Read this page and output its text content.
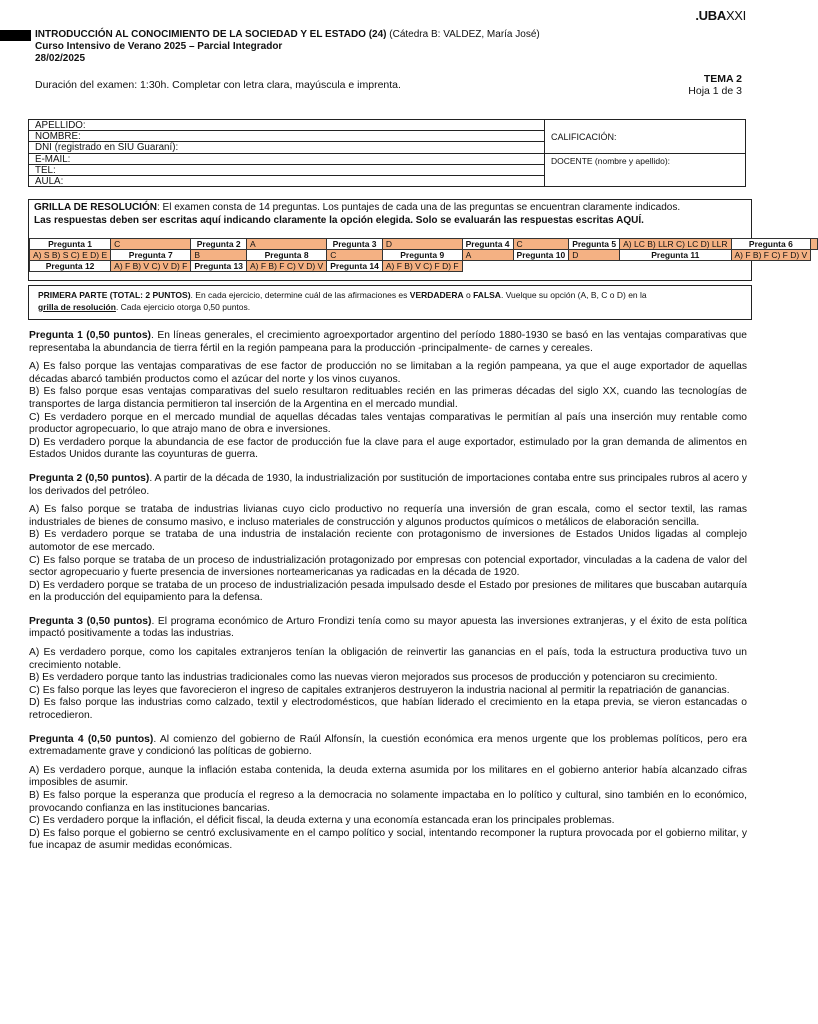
.UBAXXI
INTRODUCCIÓN AL CONOCIMIENTO DE LA SOCIEDAD Y EL ESTADO (24) (Cátedra B: VALDEZ, María José)
Curso Intensivo de Verano 2025 – Parcial Integrador
28/02/2025
Duración del examen: 1:30h. Completar con letra clara, mayúscula e imprenta.	TEMA 2
Hoja 1 de 3
APELLIDO:
NOMBRE:
DNI (registrado en SIU Guaraní):
E-MAIL:
TEL:
AULA:
CALIFICACIÓN:
DOCENTE (nombre y apellido):
GRILLA DE RESOLUCIÓN: El examen consta de 14 preguntas. Los puntajes de cada una de las preguntas se encuentran claramente indicados.
Las respuestas deben ser escritas aquí indicando claramente la opción elegida. Solo se evaluarán las respuestas escritas AQUÍ.
Pregunta 1	C	Pregunta 2	A	Pregunta 3	D	Pregunta 4	C	Pregunta 5	A) LC B) LLR C) LC D) LLR	Pregunta 6	
A) S B) S C) E D) E	Pregunta 7	B	Pregunta 8	C	Pregunta 9	A	Pregunta 10	D	Pregunta 11	A) F B) F C) F D) V	
Pregunta 12	A) F B) V C) V D) F	Pregunta 13	A) F B) F C) V D) V	Pregunta 14	A) F B) V C) F D) F						
PRIMERA PARTE (TOTAL: 2 PUNTOS). En cada ejercicio, determine cuál de las afirmaciones es VERDADERA o FALSA. Vuelque su opción (A, B, C o D) en la
grilla de resolución. Cada ejercicio otorga 0,50 puntos.

Pregunta 1 (0,50 puntos). En líneas generales, el crecimiento agroexportador argentino del período 1880-1930 se basó en las ventajas comparativas que representaba la abundancia de tierra fértil en la región pampeana para la producción -principalmente- de carnes y cereales.

A) Es falso porque las ventajas comparativas de ese factor de producción no se limitaban a la región pampeana, ya que el auge exportador de aquellas décadas abarcó también productos como el azúcar del norte y los vinos cuyanos.

B) Es falso porque esas ventajas comparativas del suelo resultaron redituables recién en las primeras décadas del siglo XX, cuando las tecnologías de transportes de larga distancia permitieron tal inserción de la Argentina en el mercado mundial.

C) Es verdadero porque en el mercado mundial de aquellas décadas tales ventajas comparativas le permitían al país una inserción muy rentable como productor agropecuario, lo que atrajo mano de obra e inversiones.

D) Es verdadero porque la abundancia de ese factor de producción fue la clave para el auge exportador, estimulado por la gran demanda de alimentos en Estados Unidos durante las coyunturas de guerra.

Pregunta 2 (0,50 puntos). A partir de la década de 1930, la industrialización por sustitución de importaciones contaba entre sus principales rubros al acero y los derivados del petróleo.

A) Es falso porque se trataba de industrias livianas cuyo ciclo productivo no requería una inversión de gran escala, como el sector textil, las ramas industriales de bienes de consumo masivo, e incluso materiales de construcción y algunos productos químicos o metálicos de elaboración sencilla.

B) Es verdadero porque se trataba de una industria de instalación reciente con protagonismo de inversiones de Estados Unidos ligadas al complejo automotor de ese mercado.

C) Es falso porque se trataba de un proceso de industrialización protagonizado por empresas con potencial exportador, vinculadas a la cadena de valor del sector agropecuario y fuerte presencia de inversiones norteamericanas ya radicadas en la década de 1920.

D) Es verdadero porque se trataba de un proceso de industrialización pesada impulsado desde el Estado por presiones de militares que buscaban autarquía en la producción del equipamiento para la defensa.

Pregunta 3 (0,50 puntos). El programa económico de Arturo Frondizi tenía como su mayor apuesta las inversiones extranjeras, y el éxito de esta política impactó positivamente a todas las industrias.

A) Es verdadero porque, como los capitales extranjeros tenían la obligación de reinvertir las ganancias en el país, toda la estructura productiva tuvo un crecimiento notable.

B) Es verdadero porque tanto las industrias tradicionales como las nuevas vieron mejorados sus procesos de producción y potenciaron su crecimiento.

C) Es falso porque las leyes que favorecieron el ingreso de capitales extranjeros destruyeron la industria nacional al permitir la repatriación de ganancias.

D) Es falso porque las industrias como calzado, textil y electrodomésticos, que habían liderado el crecimiento en la etapa previa, se vieron estancadas o retrocedieron.

Pregunta 4 (0,50 puntos). Al comienzo del gobierno de Raúl Alfonsín, la cuestión económica era menos urgente que los problemas políticos, pero era extremadamente grave y condicionó las políticas de gobierno.

A) Es verdadero porque, aunque la inflación estaba contenida, la deuda externa asumida por los militares en el gobierno anterior había alcanzado cifras imposibles de asumir.

B) Es falso porque la esperanza que producía el regreso a la democracia no solamente impactaba en lo político y cultural, sino también en lo económico, provocando confianza en las instituciones bancarias.

C) Es verdadero porque la inflación, el déficit fiscal, la deuda externa y una economía estancada eran los principales problemas.

D) Es falso porque el gobierno se centró exclusivamente en el campo político y social, intentando recomponer la ruptura provocada por el gobierno militar, y fue incapaz de asumir medidas económicas.
